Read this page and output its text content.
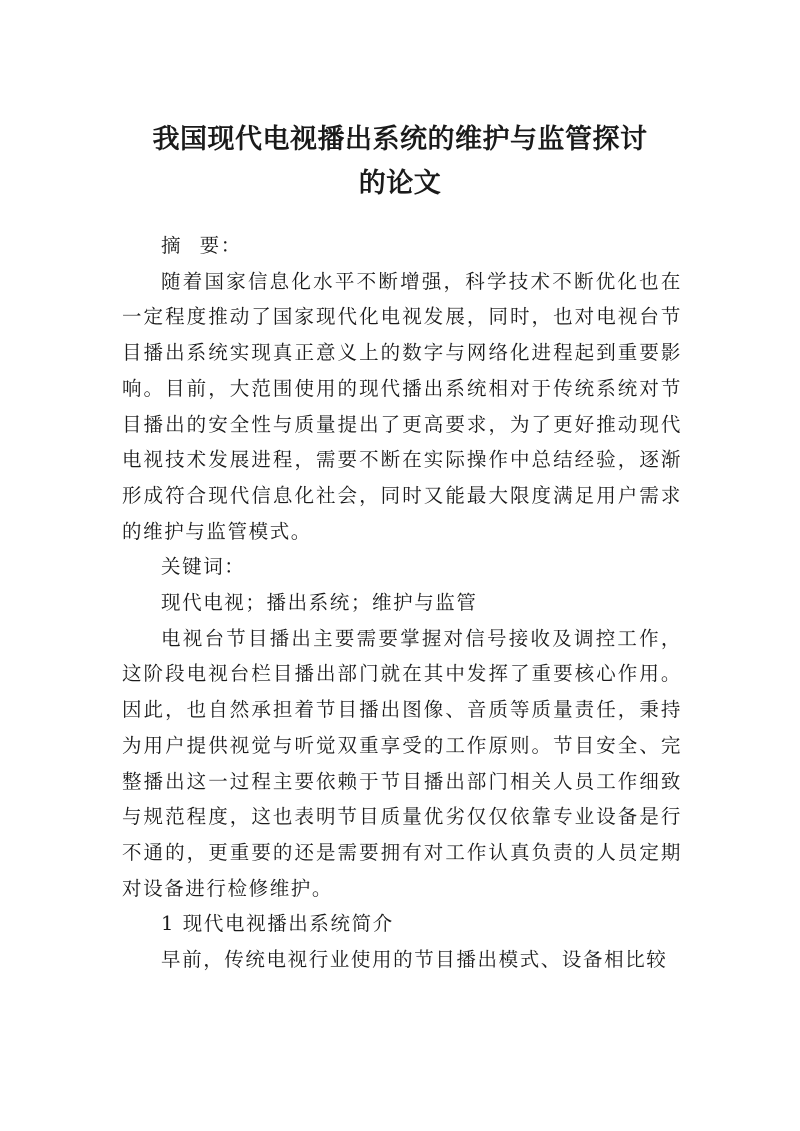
我国现代电视播出系统的维护与监管探讨
的论文

摘 要：

随着国家信息化水平不断增强，科学技术不断优化也在一定程度推动了国家现代化电视发展，同时，也对电视台节目播出系统实现真正意义上的数字与网络化进程起到重要影响。目前，大范围使用的现代播出系统相对于传统系统对节目播出的安全性与质量提出了更高要求，为了更好推动现代电视技术发展进程，需要不断在实际操作中总结经验，逐渐形成符合现代信息化社会，同时又能最大限度满足用户需求的维护与监管模式。

关键词：

现代电视；播出系统；维护与监管

电视台节目播出主要需要掌握对信号接收及调控工作，这阶段电视台栏目播出部门就在其中发挥了重要核心作用。因此，也自然承担着节目播出图像、音质等质量责任，秉持为用户提供视觉与听觉双重享受的工作原则。节目安全、完整播出这一过程主要依赖于节目播出部门相关人员工作细致与规范程度，这也表明节目质量优劣仅仅依靠专业设备是行不通的，更重要的还是需要拥有对工作认真负责的人员定期对设备进行检修维护。

1 现代电视播出系统简介

早前，传统电视行业使用的节目播出模式、设备相比较
